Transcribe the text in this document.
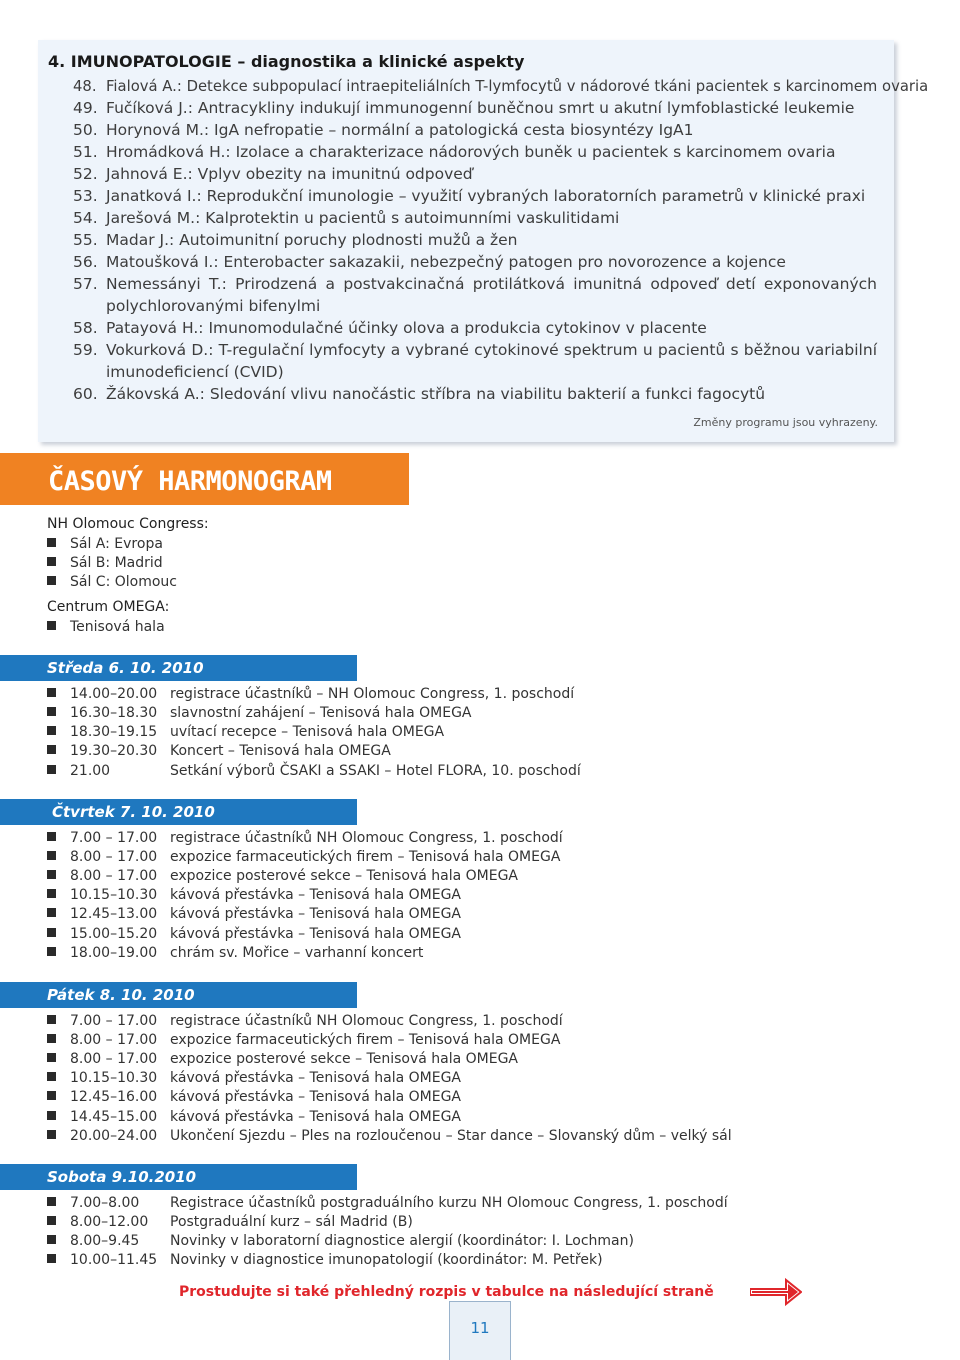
4. IMUNOPATOLOGIE – diagnostika a klinické aspekty
48. Fialová A.: Detekce subpopulací intraepiteliálních T-lymfocytů v nádorové tkáni pacientek s karcinomem ovaria
49. Fučíková J.: Antracykliny indukují immunogenní buněčnou smrt u akutní lymfoblastické leukemie
50. Horynová M.: IgA nefropatie – normální a patologická cesta biosyntézy IgA1
51. Hromádková H.: Izolace a charakterizace nádorových buněk u pacientek s karcinomem ovaria
52. Jahnová E.: Vplyv obezity na imunitnú odpoveď
53. Janatková I.: Reprodukční imunologie – využití vybraných laboratorních parametrů v klinické praxi
54. Jarešová M.: Kalprotektin u pacientů s autoimunními vaskulitidami
55. Madar J.: Autoimunitní poruchy plodnosti mužů a žen
56. Matoušková I.: Enterobacter sakazakii, nebezpečný patogen pro novorozence a kojence
57. Nemessányi T.: Prirodzená a postvakcinačná protilátková imunitná odpoveď detí exponovaných
polychlorovanými bifenylmi
58. Patayová H.: Imunomodulačné účinky olova a produkcia cytokinov v placente
59. Vokurková D.: T-regulační lymfocyty a vybrané cytokinové spektrum u pacientů s běžnou variabilní
imunodeficiencí (CVID)
60. Žákovská A.: Sledování vlivu nanočástic stříbra na viabilitu bakterií a funkci fagocytů
Změny programu jsou vyhrazeny.
ČASOVÝ HARMONOGRAM
NH Olomouc Congress:
Sál A: Evropa
Sál B: Madrid
Sál C: Olomouc
Centrum OMEGA:
Tenisová hala
Středa 6. 10. 2010
14.00–20.00 registrace účastníků – NH Olomouc Congress, 1. poschodí
16.30–18.30 slavnostní zahájení – Tenisová hala OMEGA
18.30–19.15 uvítací recepce – Tenisová hala OMEGA
19.30–20.30 Koncert – Tenisová hala OMEGA
21.00	Setkání výborů ČSAKI a SSAKI – Hotel FLORA, 10. poschodí
Čtvrtek 7. 10. 2010
7.00 – 17.00 registrace účastníků NH Olomouc Congress, 1. poschodí
8.00 – 17.00 expozice farmaceutických firem – Tenisová hala OMEGA
8.00 – 17.00 expozice posterové sekce – Tenisová hala OMEGA
10.15–10.30 kávová přestávka – Tenisová hala OMEGA
12.45–13.00 kávová přestávka – Tenisová hala OMEGA
15.00–15.20 kávová přestávka – Tenisová hala OMEGA
18.00–19.00 chrám sv. Mořice – varhanní koncert
Pátek 8. 10. 2010
7.00 – 17.00 registrace účastníků NH Olomouc Congress, 1. poschodí
8.00 – 17.00 expozice farmaceutických firem – Tenisová hala OMEGA
8.00 – 17.00 expozice posterové sekce – Tenisová hala OMEGA
10.15–10.30 kávová přestávka – Tenisová hala OMEGA
12.45–16.00 kávová přestávka – Tenisová hala OMEGA
14.45–15.00 kávová přestávka – Tenisová hala OMEGA
20.00–24.00 Ukončení Sjezdu – Ples na rozloučenou – Star dance – Slovanský dům – velký sál
Sobota 9.10.2010
7.00–8.00 Registrace účastníků postgraduálního kurzu NH Olomouc Congress, 1. poschodí
8.00–12.00 Postgraduální kurz – sál Madrid (B)
8.00–9.45 Novinky v laboratorní diagnostice alergií (koordinátor: I. Lochman)
10.00–11.45 Novinky v diagnostice imunopatologií (koordinátor: M. Petřek)
Prostudujte si také přehledný rozpis v tabulce na následující straně
11
